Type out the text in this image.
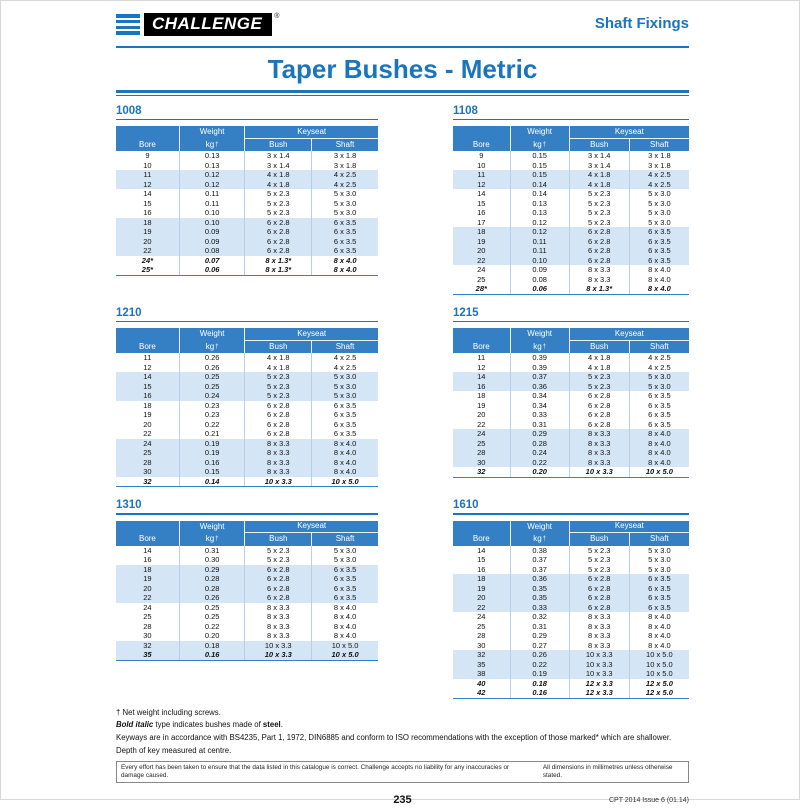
CHALLENGE	®	Shaft Fixings
Taper Bushes - Metric
1008
Weight	Keyseat
Bore	kg †	Bush	Shaft
9	0.13	3 x 1.4	3 x 1.8
10	0.13	3 x 1.4	3 x 1.8
11	0.12	4 x 1.8	4 x 2.5
12	0.12	4 x 1.8	4 x 2.5
14	0.11	5 x 2.3	5 x 3.0
15	0.11	5 x 2.3	5 x 3.0
16	0.10	5 x 2.3	5 x 3.0
18	0.10	6 x 2.8	6 x 3.5
19	0.09	6 x 2.8	6 x 3.5
20	0.09	6 x 2.8	6 x 3.5
22	0.08	6 x 2.8	6 x 3.5
24*	0.07	8 x 1.3*	8 x 4.0
25*	0.06	8 x 1.3*	8 x 4.0
1108
Weight	Keyseat
Bore	kg †	Bush	Shaft
9	0.15	3 x 1.4	3 x 1.8
10	0.15	3 x 1.4	3 x 1.8
11	0.15	4 x 1.8	4 x 2.5
12	0.14	4 x 1.8	4 x 2.5
14	0.14	5 x 2.3	5 x 3.0
15	0.13	5 x 2.3	5 x 3.0
16	0.13	5 x 2.3	5 x 3.0
17	0.12	5 x 2.3	5 x 3.0
18	0.12	6 x 2.8	6 x 3.5
19	0.11	6 x 2.8	6 x 3.5
20	0.11	6 x 2.8	6 x 3.5
22	0.10	6 x 2.8	6 x 3.5
24	0.09	8 x 3.3	8 x 4.0
25	0.08	8 x 3.3	8 x 4.0
28*	0.06	8 x 1.3*	8 x 4.0
1210
Weight	Keyseat
Bore	kg †	Bush	Shaft
11	0.26	4 x 1.8	4 x 2.5
12	0.26	4 x 1.8	4 x 2.5
14	0.25	5 x 2.3	5 x 3.0
15	0.25	5 x 2.3	5 x 3.0
16	0.24	5 x 2.3	5 x 3.0
18	0.23	6 x 2.8	6 x 3.5
19	0.23	6 x 2.8	6 x 3.5
20	0.22	6 x 2.8	6 x 3.5
22	0.21	6 x 2.8	6 x 3.5
24	0.19	8 x 3.3	8 x 4.0
25	0.19	8 x 3.3	8 x 4.0
28	0.16	8 x 3.3	8 x 4.0
30	0.15	8 x 3.3	8 x 4.0
32	0.14	10 x 3.3	10 x 5.0
1215
Weight	Keyseat
Bore	kg †	Bush	Shaft
11	0.39	4 x 1.8	4 x 2.5
12	0.39	4 x 1.8	4 x 2.5
14	0.37	5 x 2.3	5 x 3.0
16	0.36	5 x 2.3	5 x 3.0
18	0.34	6 x 2.8	6 x 3.5
19	0.34	6 x 2.8	6 x 3.5
20	0.33	6 x 2.8	6 x 3.5
22	0.31	6 x 2.8	6 x 3.5
24	0.29	8 x 3.3	8 x 4.0
25	0.28	8 x 3.3	8 x 4.0
28	0.24	8 x 3.3	8 x 4.0
30	0.22	8 x 3.3	8 x 4.0
32	0.20	10 x 3.3	10 x 5.0
1310
Weight	Keyseat
Bore	kg †	Bush	Shaft
14	0.31	5 x 2.3	5 x 3.0
16	0.30	5 x 2.3	5 x 3.0
18	0.29	6 x 2.8	6 x 3.5
19	0.28	6 x 2.8	6 x 3.5
20	0.28	6 x 2.8	6 x 3.5
22	0.26	6 x 2.8	6 x 3.5
24	0.25	8 x 3.3	8 x 4.0
25	0.25	8 x 3.3	8 x 4.0
28	0.22	8 x 3.3	8 x 4.0
30	0.20	8 x 3.3	8 x 4.0
32	0.18	10 x 3.3	10 x 5.0
35	0.16	10 x 3.3	10 x 5.0
1610
Weight	Keyseat
Bore	kg †	Bush	Shaft
14	0.38	5 x 2.3	5 x 3.0
15	0.37	5 x 2.3	5 x 3.0
16	0.37	5 x 2.3	5 x 3.0
18	0.36	6 x 2.8	6 x 3.5
19	0.35	6 x 2.8	6 x 3.5
20	0.35	6 x 2.8	6 x 3.5
22	0.33	6 x 2.8	6 x 3.5
24	0.32	8 x 3.3	8 x 4.0
25	0.31	8 x 3.3	8 x 4.0
28	0.29	8 x 3.3	8 x 4.0
30	0.27	8 x 3.3	8 x 4.0
32	0.26	10 x 3.3	10 x 5.0
35	0.22	10 x 3.3	10 x 5.0
38	0.19	10 x 3.3	10 x 5.0
40	0.18	12 x 3.3	12 x 5.0
42	0.16	12 x 3.3	12 x 5.0

† Net weight including screws.

Bold italic type indicates bushes made of steel.

Keyways are in accordance with BS4235, Part 1, 1972, DIN6885 and conform to ISO recommendations with the exception of those marked* which are shallower.

Depth of key measured at centre.

Every effort has been taken to ensure that the data listed in this catalogue is correct. Challenge accepts no liability for any inaccuracies or damage caused.
All dimensions in millimetres unless otherwise stated.
235	CPT 2014 Issue 6 (01.14)
